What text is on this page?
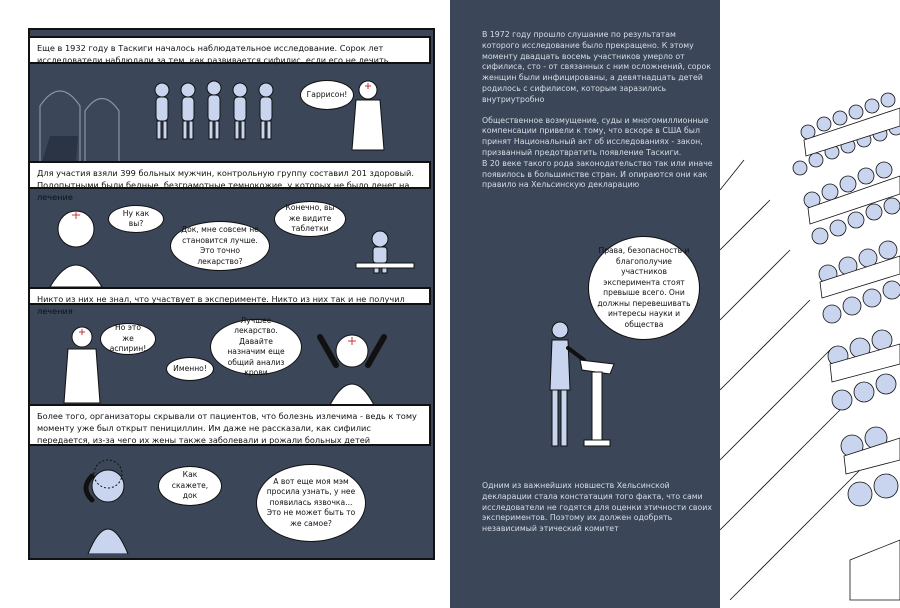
Еще в 1932 году в Таскиги началось наблюдательное исследование. Сорок лет исследователи наблюдали за тем, как развивается сифилис, если его не лечить
Гаррисон!
Для участия взяли 399 больных мужчин, контрольную группу составил 201 здоровый. Подопытными были бедные, безграмотные темнокожие, у которых не было денег на лечение
Ну как вы?
Док, мне совсем не становится лучше. Это точно лекарство?
Конечно, вы же видите таблетки
Никто из них не знал, что участвует в эксперименте. Никто из них так и не получил лечения
Но это же аспирин!
Именно!
Лучшее лекарство. Давайте назначим еще общий анализ крови
Более того, организаторы скрывали от пациентов, что болезнь излечима - ведь к тому моменту уже был открыт пенициллин. Им даже не рассказали, как сифилис передается, из-за чего их жены также заболевали и рожали больных детей
Как скажете, док
А вот еще моя мэм просила узнать, у нее появилась язвочка... Это не может быть то же самое?

В 1972 году прошло слушание по результатам которого исследование было прекращено. К этому моменту двадцать восемь участников умерло от сифилиса, сто - от связанных с ним осложнений, сорок женщин были инфицированы, а девятнадцать детей родилось с сифилисом, которым заразились внутриутробно

Общественное возмущение, суды и многомиллионные компенсации привели к тому, что вскоре в США был принят Национальный акт об исследованиях - закон, призванный предотвратить появление Таскиги.

В 20 веке такого рода законодательство так или иначе появилось в большинстве стран. И опираются они как правило на Хельсинскую декларацию

Права, безопасность и благополучие участников эксперимента стоят превыше всего. Они должны перевешивать интересы науки и общества
Одним из важнейших новшеств Хельсинской декларации стала констатация того факта, что сами исследователи не годятся для оценки этичности своих экспериментов. Поэтому их должен одобрять независимый этический комитет
